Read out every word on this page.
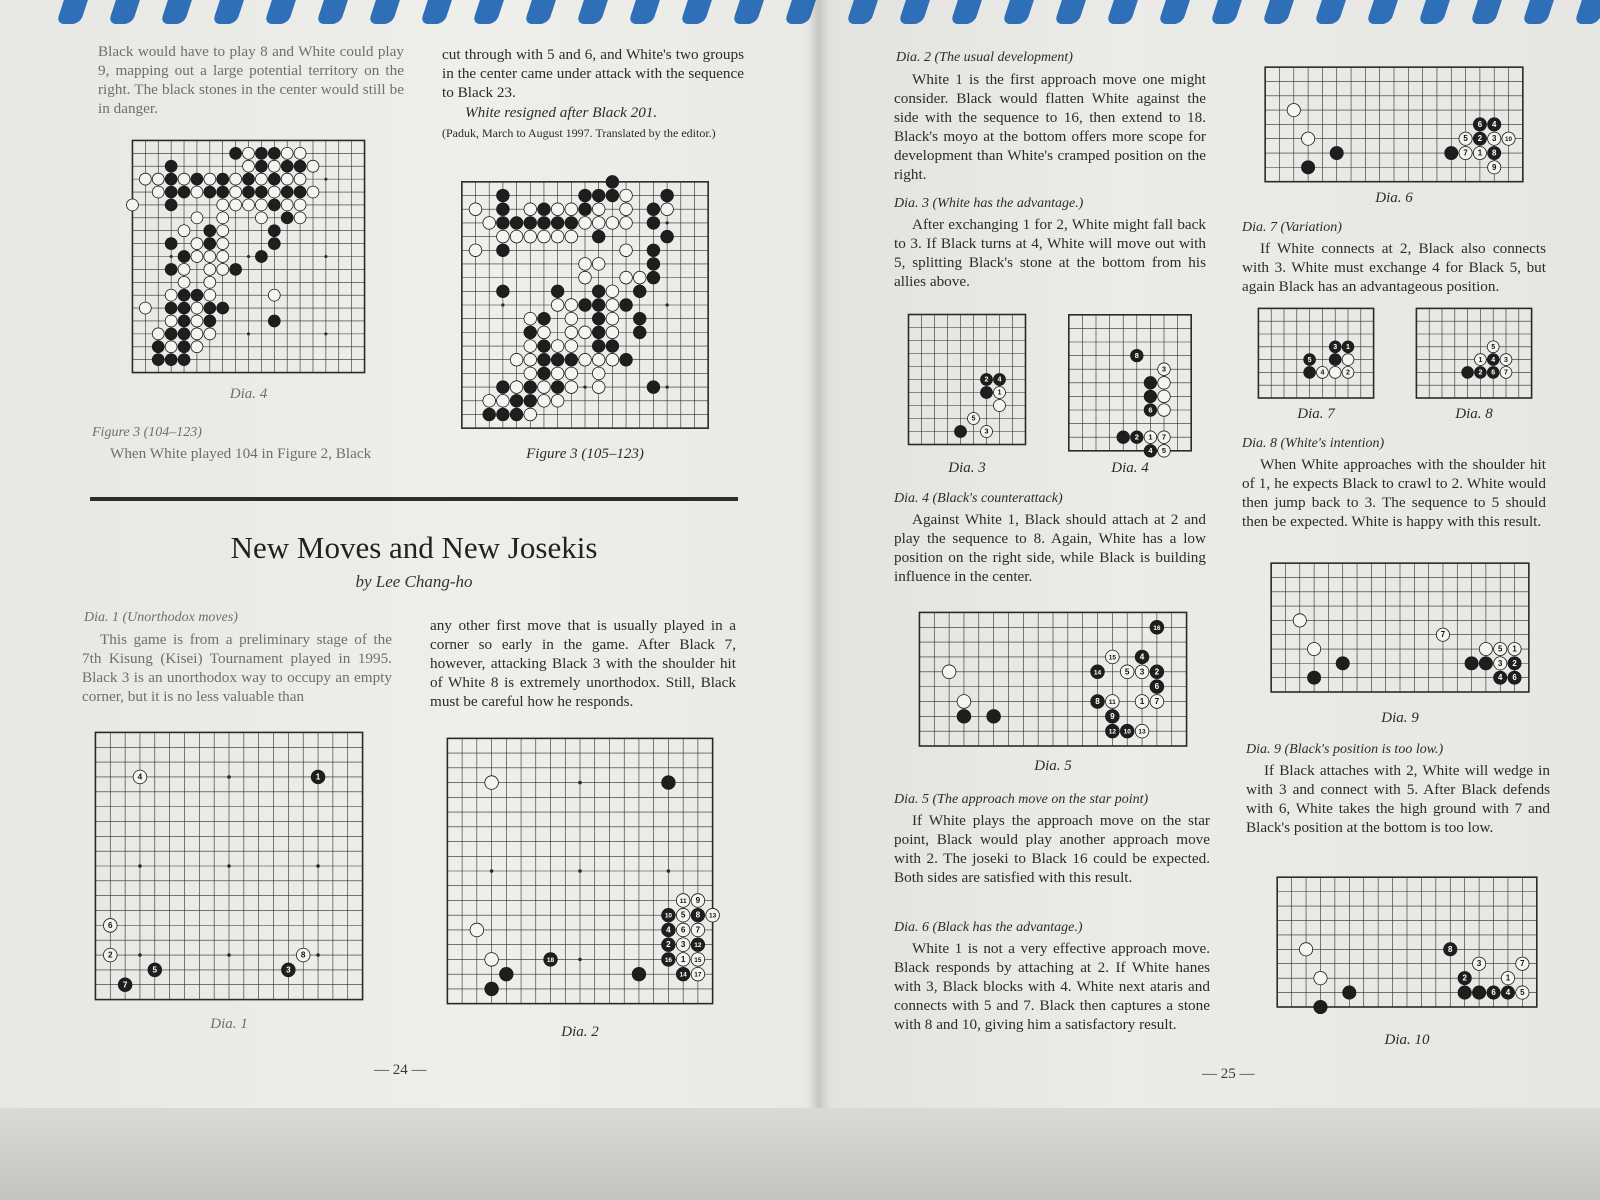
Black would have to play 8 and White could play 9, mapping out a large potential territory on the right. The black stones in the center would still be in danger.
cut through with 5 and 6, and White's two groups in the center came under attack with the sequence to Black 23.
White resigned after Black 201.
(Paduk, March to August 1997. Translated by the editor.)
Dia. 4
Figure 3 (105–123)
Figure 3 (104–123)
When White played 104 in Figure 2, Black
New Moves and New Josekis
by Lee Chang-ho
Dia. 1 (Unorthodox moves)
This game is from a preliminary stage of the 7th Kisung (Kisei) Tournament played in 1995. Black 3 is an unorthodox way to occupy an empty corner, but it is no less valuable than
any other first move that is usually played in a corner so early in the game. After Black 7, however, attacking Black 3 with the shoulder hit of White 8 is extremely unorthodox. Still, Black must be careful how he responds.
4	1
6
2	8
5	3
7
Dia. 1
18
11 9
10 5 8 13
4 6 7
2 3 12
16 1 15
14 17
Dia. 2
— 24 —
Dia. 2 (The usual development)
White 1 is the first approach move one might consider. Black would flatten White against the side with the sequence to 16, then extend to 18. Black's moyo at the bottom offers more scope for development than White's cramped position on the right.
Dia. 3 (White has the advantage.)
After exchanging 1 for 2, White might fall back to 3. If Black turns at 4, White will move out with 5, splitting Black's stone at the bottom from his allies above.
2 4
1
5
3
Dia. 3
8
3
6
2 1 7
4 5
Dia. 4
Dia. 4 (Black's counterattack)
Against White 1, Black should attach at 2 and play the sequence to 8. Again, White has a low position on the right side, while Black is building influence in the center.
16
15	4
14	5 3 2
6
8 11	1 7
9
12 10 13
Dia. 5
Dia. 5 (The approach move on the star point)
If White plays the approach move on the star point, Black would play another approach move with 2. The joseki to Black 16 could be expected. Both sides are satisfied with this result.
Dia. 6 (Black has the advantage.)
White 1 is not a very effective approach move. Black responds by attaching at 2. If White hanes with 3, Black blocks with 4. White next ataris and connects with 5 and 7. Black then captures a stone with 8 and 10, giving him a satisfactory result.
6 4
5 2 3 10
7 1 8
9
Dia. 6
Dia. 7 (Variation)
If White connects at 2, Black also connects with 3. White must exchange 4 for Black 5, but again Black has an advantageous position.
3 1
5
4	2
Dia. 7
5
1 4 3
2 6 7
Dia. 8
Dia. 8 (White's intention)
When White approaches with the shoulder hit of 1, he expects Black to crawl to 2. White would then jump back to 3. The sequence to 5 should then be expected. White is happy with this result.
7
5 1
3 2
4 6
Dia. 9
Dia. 9 (Black's position is too low.)
If Black attaches with 2, White will wedge in with 3 and connect with 5. After Black defends with 6, White takes the high ground with 7 and Black's position at the bottom is too low.
8
3	7
2	1
6 4 5
Dia. 10
— 25 —
